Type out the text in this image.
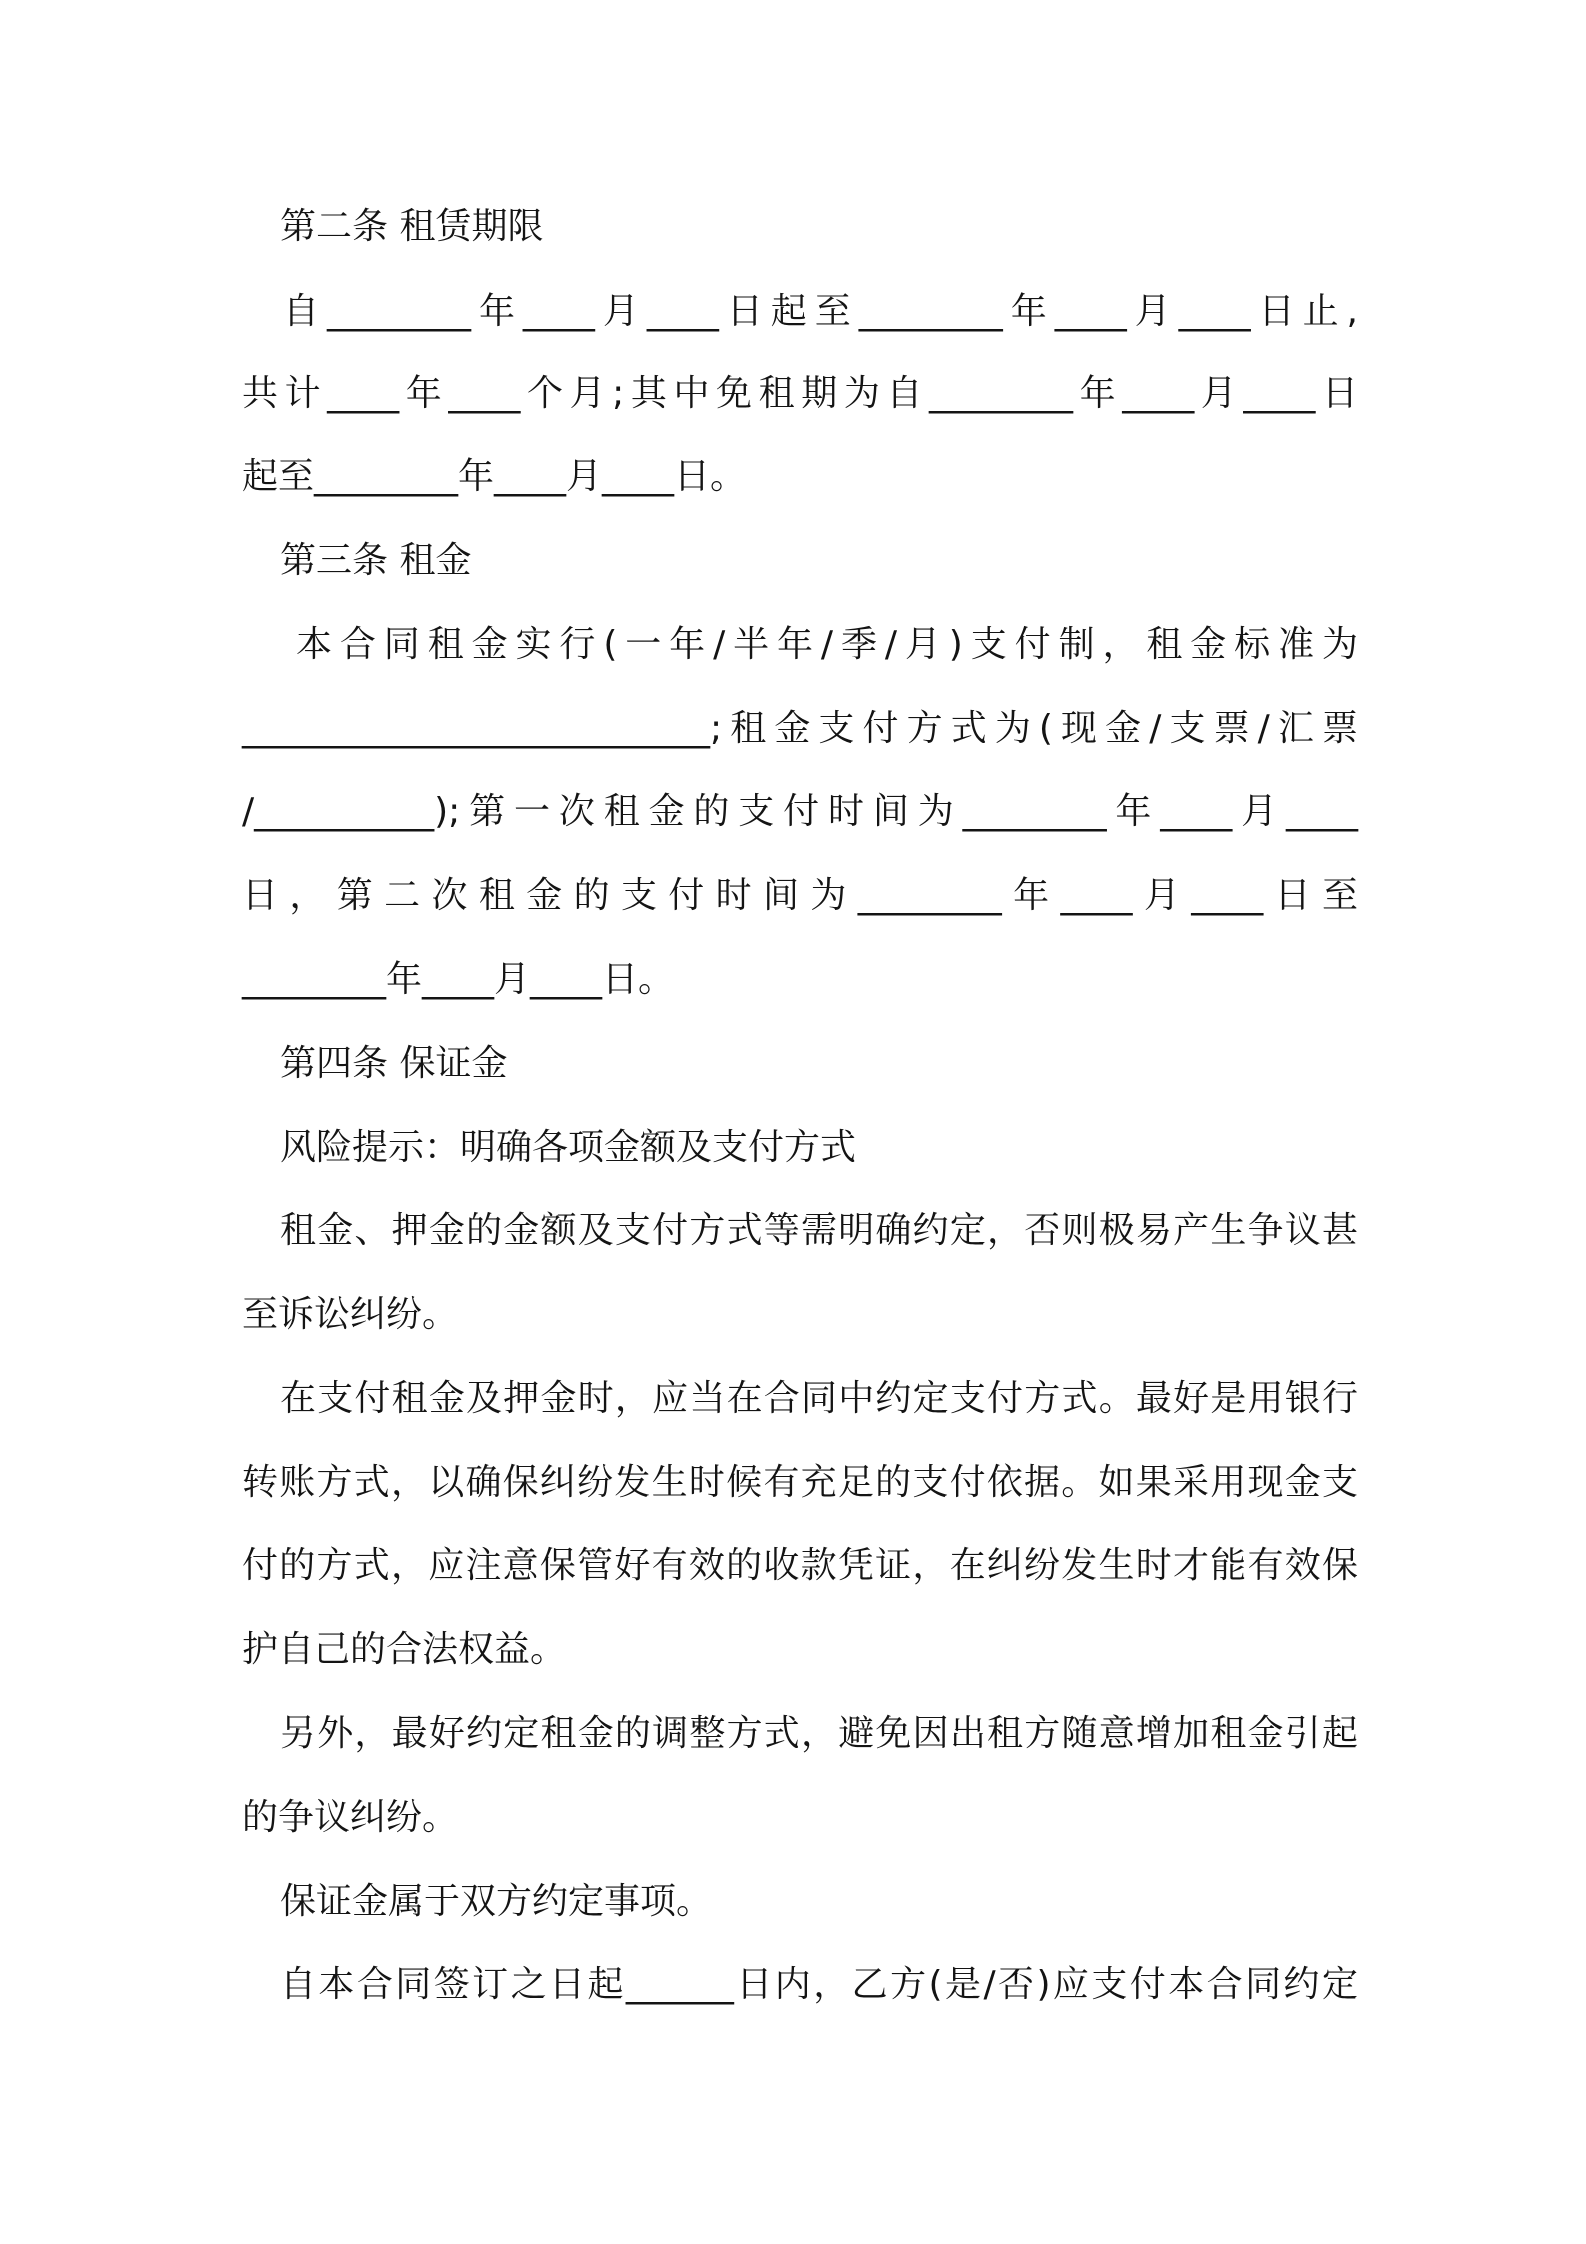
第二条 租赁期限
自________年____月____日起至________年____月____日止,
共计____年____个月;其中免租期为自________年____月____日
起至________年____月____日。
第三条 租金
本合同租金实行(一年/半年/季/月)支付制，租金标准为
__________________________;租金支付方式为(现金/支票/汇票
/__________);第一次租金的支付时间为________年____月____
日，第二次租金的支付时间为________年____月____日至
________年____月____日。
第四条 保证金
风险提示：明确各项金额及支付方式
租金、押金的金额及支付方式等需明确约定，否则极易产生争议甚
至诉讼纠纷。
在支付租金及押金时，应当在合同中约定支付方式。最好是用银行
转账方式，以确保纠纷发生时候有充足的支付依据。如果采用现金支
付的方式，应注意保管好有效的收款凭证，在纠纷发生时才能有效保
护自己的合法权益。
另外，最好约定租金的调整方式，避免因出租方随意增加租金引起
的争议纠纷。
保证金属于双方约定事项。
自本合同签订之日起______日内，乙方(是/否)应支付本合同约定
